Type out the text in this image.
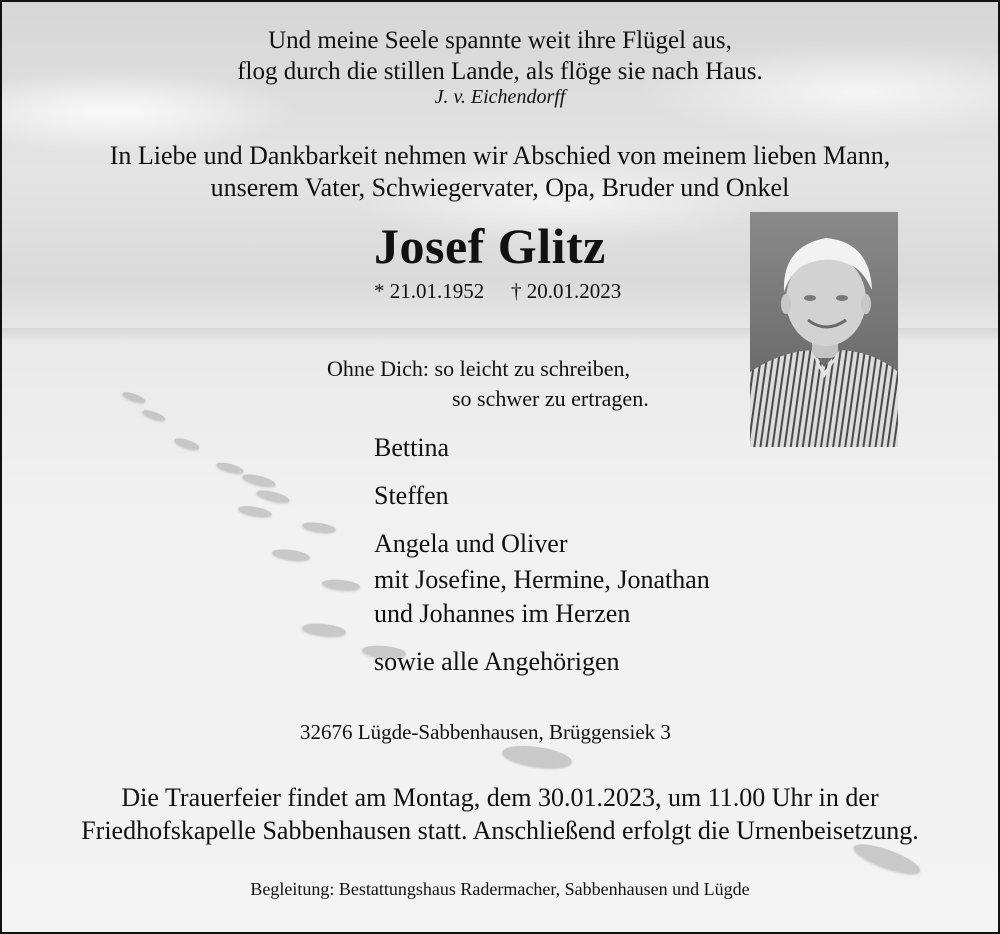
Und meine Seele spannte weit ihre Flügel aus,
flog durch die stillen Lande, als flöge sie nach Haus.
J. v. Eichendorff
In Liebe und Dankbarkeit nehmen wir Abschied von meinem lieben Mann,
unserem Vater, Schwiegervater, Opa, Bruder und Onkel
Josef Glitz
* 21.01.1952 † 20.01.2023
Ohne Dich: so leicht zu schreiben,
so schwer zu ertragen.
Bettina
Steffen
Angela und Oliver
mit Josefine, Hermine, Jonathan
und Johannes im Herzen
sowie alle Angehörigen
32676 Lügde-Sabbenhausen, Brüggensiek 3
Die Trauerfeier findet am Montag, dem 30.01.2023, um 11.00 Uhr in der
Friedhofskapelle Sabbenhausen statt. Anschließend erfolgt die Urnenbeisetzung.
Begleitung: Bestattungshaus Radermacher, Sabbenhausen und Lügde
